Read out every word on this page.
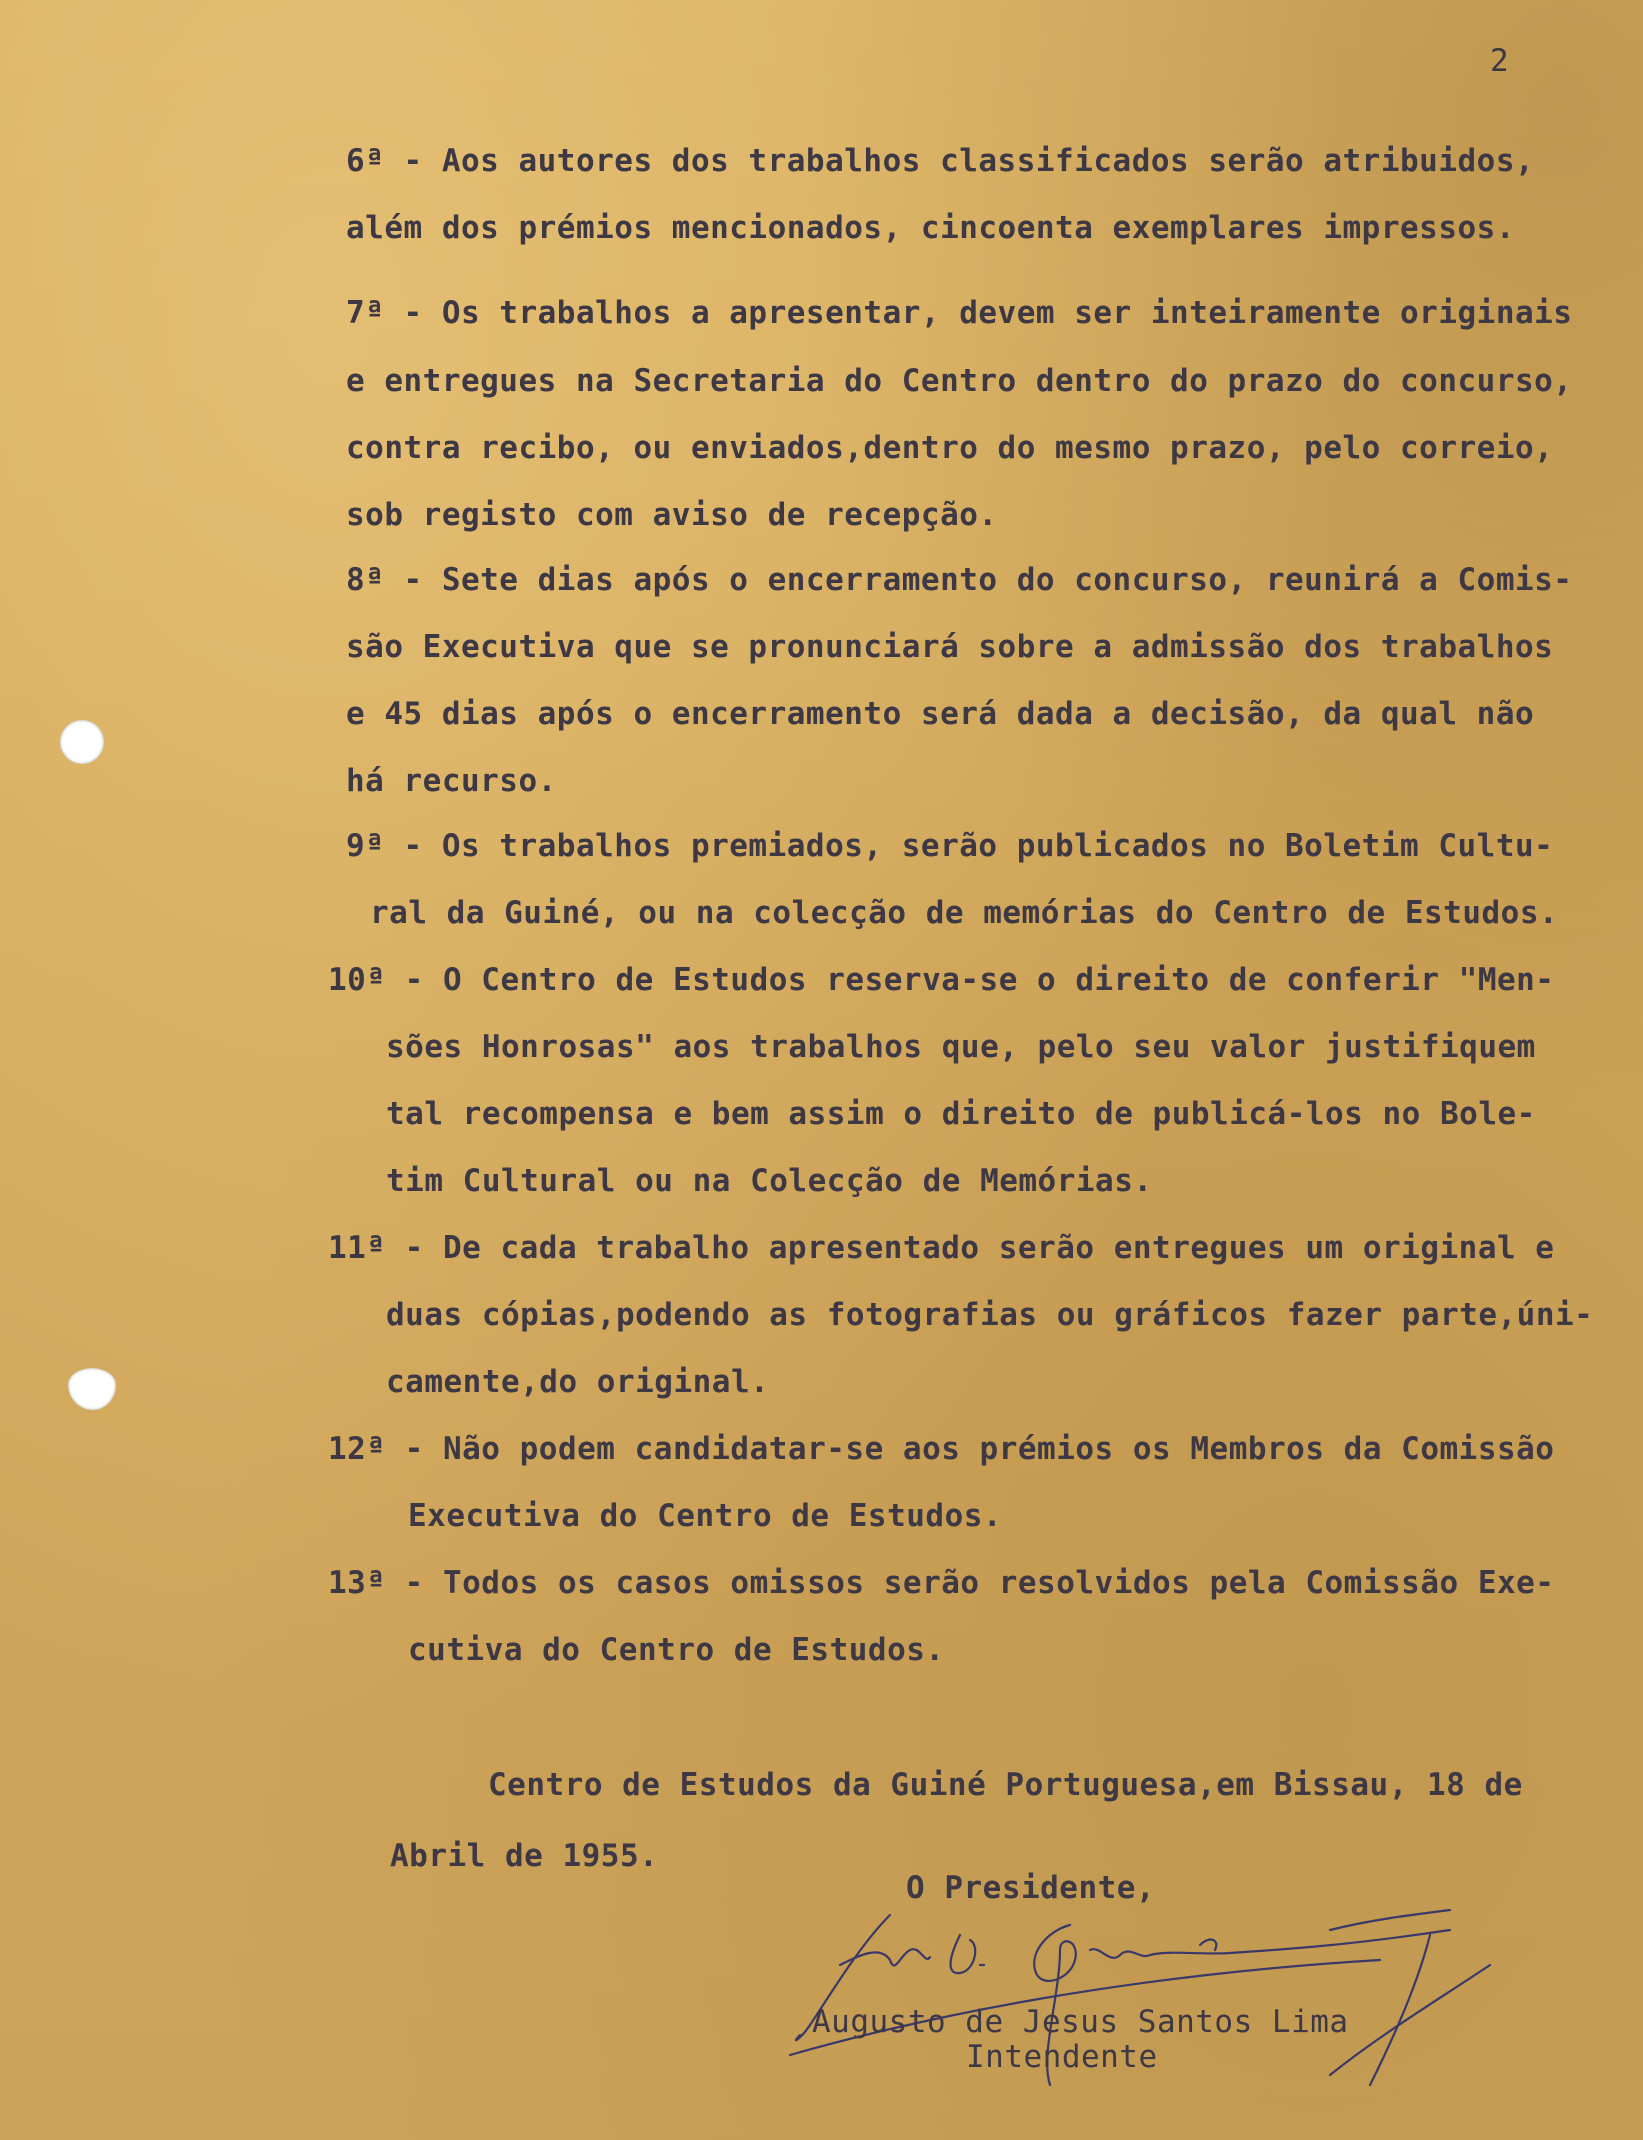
2
6ª - Aos autores dos trabalhos classificados serão atribuidos,
além dos prémios mencionados, cincoenta exemplares impressos.
7ª - Os trabalhos a apresentar, devem ser inteiramente originais
e entregues na Secretaria do Centro dentro do prazo do concurso,
contra recibo, ou enviados,dentro do mesmo prazo, pelo correio,
sob registo com aviso de recepção.
8ª - Sete dias após o encerramento do concurso, reunirá a Comis-
são Executiva que se pronunciará sobre a admissão dos trabalhos
e 45 dias após o encerramento será dada a decisão, da qual não
há recurso.
9ª - Os trabalhos premiados, serão publicados no Boletim Cultu-
ral da Guiné, ou na colecção de memórias do Centro de Estudos.
10ª - O Centro de Estudos reserva-se o direito de conferir "Men-
sões Honrosas" aos trabalhos que, pelo seu valor justifiquem
tal recompensa e bem assim o direito de publicá-los no Bole-
tim Cultural ou na Colecção de Memórias.
11ª - De cada trabalho apresentado serão entregues um original e
duas cópias,podendo as fotografias ou gráficos fazer parte,úni-
camente,do original.
12ª - Não podem candidatar-se aos prémios os Membros da Comissão
Executiva do Centro de Estudos.
13ª - Todos os casos omissos serão resolvidos pela Comissão Exe-
cutiva do Centro de Estudos.
Centro de Estudos da Guiné Portuguesa,em Bissau, 18 de
Abril de 1955.
O Presidente,
Augusto de Jesus Santos Lima
Intendente
